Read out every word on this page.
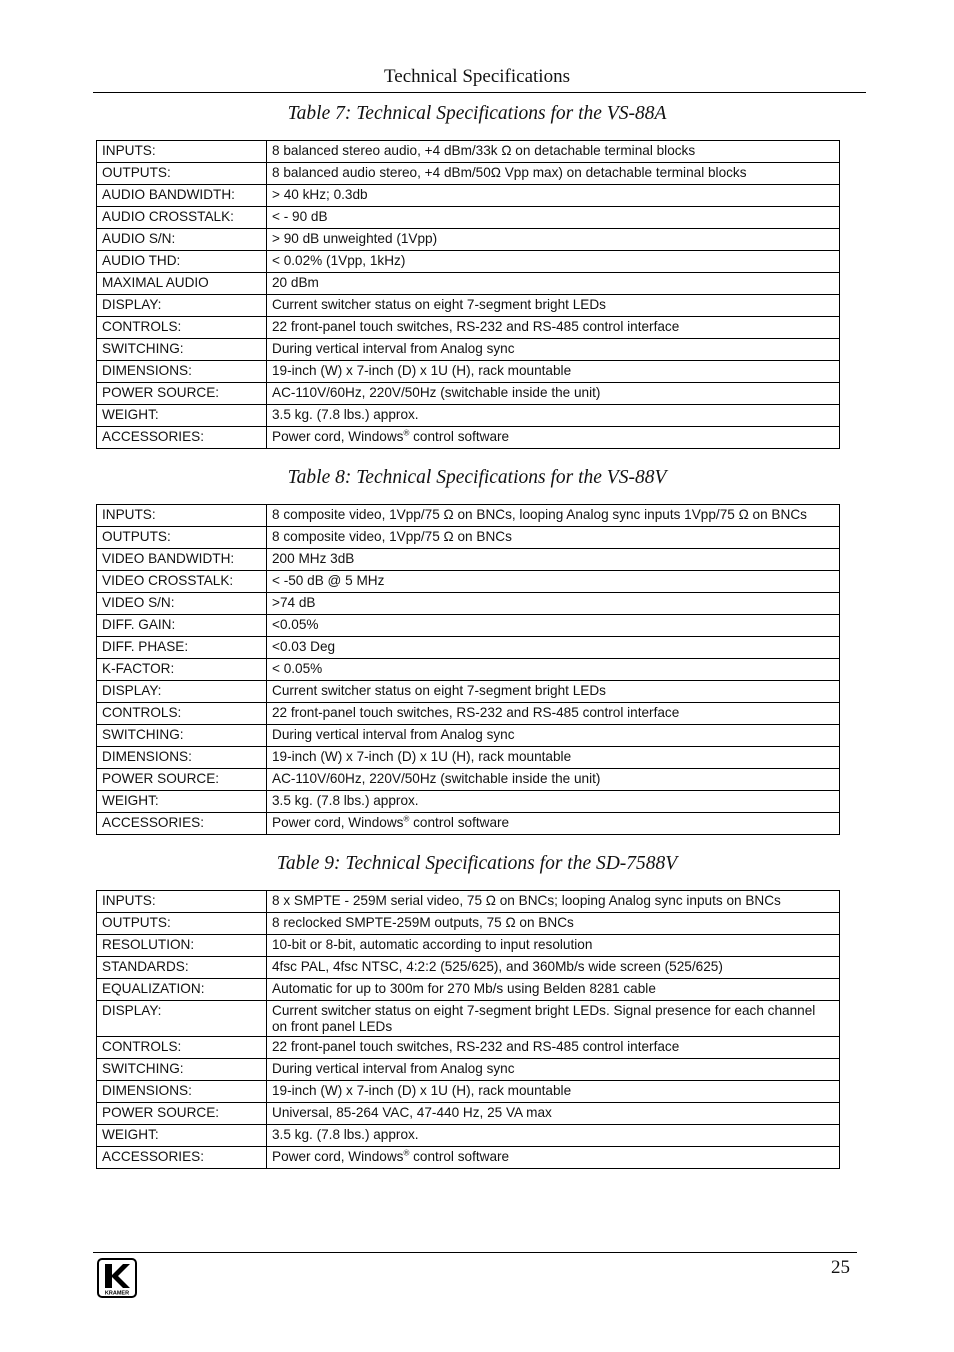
Technical Specifications
Table 7: Technical Specifications for the VS-88A
INPUTS:	8 balanced stereo audio, +4 dBm/33k Ω on detachable terminal blocks
OUTPUTS:	8 balanced audio stereo, +4 dBm/50Ω Vpp max) on detachable terminal blocks
AUDIO BANDWIDTH:	> 40 kHz; 0.3db
AUDIO CROSSTALK:	< - 90 dB
AUDIO S/N:	> 90 dB unweighted (1Vpp)
AUDIO THD:	< 0.02% (1Vpp, 1kHz)
MAXIMAL AUDIO	20 dBm
DISPLAY:	Current switcher status on eight 7-segment bright LEDs
CONTROLS:	22 front-panel touch switches, RS-232 and RS-485 control interface
SWITCHING:	During vertical interval from Analog sync
DIMENSIONS:	19-inch (W) x 7-inch (D) x 1U (H), rack mountable
POWER SOURCE:	AC-110V/60Hz, 220V/50Hz (switchable inside the unit)
WEIGHT:	3.5 kg. (7.8 lbs.) approx.
ACCESSORIES:	Power cord, Windows® control software
Table 8: Technical Specifications for the VS-88V
INPUTS:	8 composite video, 1Vpp/75 Ω on BNCs, looping Analog sync inputs 1Vpp/75 Ω on BNCs
OUTPUTS:	8 composite video, 1Vpp/75 Ω on BNCs
VIDEO BANDWIDTH:	200 MHz 3dB
VIDEO CROSSTALK:	< -50 dB @ 5 MHz
VIDEO S/N:	>74 dB
DIFF. GAIN:	<0.05%
DIFF. PHASE:	<0.03 Deg
K-FACTOR:	< 0.05%
DISPLAY:	Current switcher status on eight 7-segment bright LEDs
CONTROLS:	22 front-panel touch switches, RS-232 and RS-485 control interface
SWITCHING:	During vertical interval from Analog sync
DIMENSIONS:	19-inch (W) x 7-inch (D) x 1U (H), rack mountable
POWER SOURCE:	AC-110V/60Hz, 220V/50Hz (switchable inside the unit)
WEIGHT:	3.5 kg. (7.8 lbs.) approx.
ACCESSORIES:	Power cord, Windows® control software
Table 9: Technical Specifications for the SD-7588V
INPUTS:	8 x SMPTE - 259M serial video, 75 Ω on BNCs; looping Analog sync inputs on BNCs
OUTPUTS:	8 reclocked SMPTE-259M outputs, 75 Ω on BNCs
RESOLUTION:	10-bit or 8-bit, automatic according to input resolution
STANDARDS:	4fsc PAL, 4fsc NTSC, 4:2:2 (525/625), and 360Mb/s wide screen (525/625)
EQUALIZATION:	Automatic for up to 300m for 270 Mb/s using Belden 8281 cable
DISPLAY:	Current switcher status on eight 7-segment bright LEDs. Signal presence for each channel on front panel LEDs
CONTROLS:	22 front-panel touch switches, RS-232 and RS-485 control interface
SWITCHING:	During vertical interval from Analog sync
DIMENSIONS:	19-inch (W) x 7-inch (D) x 1U (H), rack mountable
POWER SOURCE:	Universal, 85-264 VAC, 47-440 Hz, 25 VA max
WEIGHT:	3.5 kg. (7.8 lbs.) approx.
ACCESSORIES:	Power cord, Windows® control software
KRAMER
25
